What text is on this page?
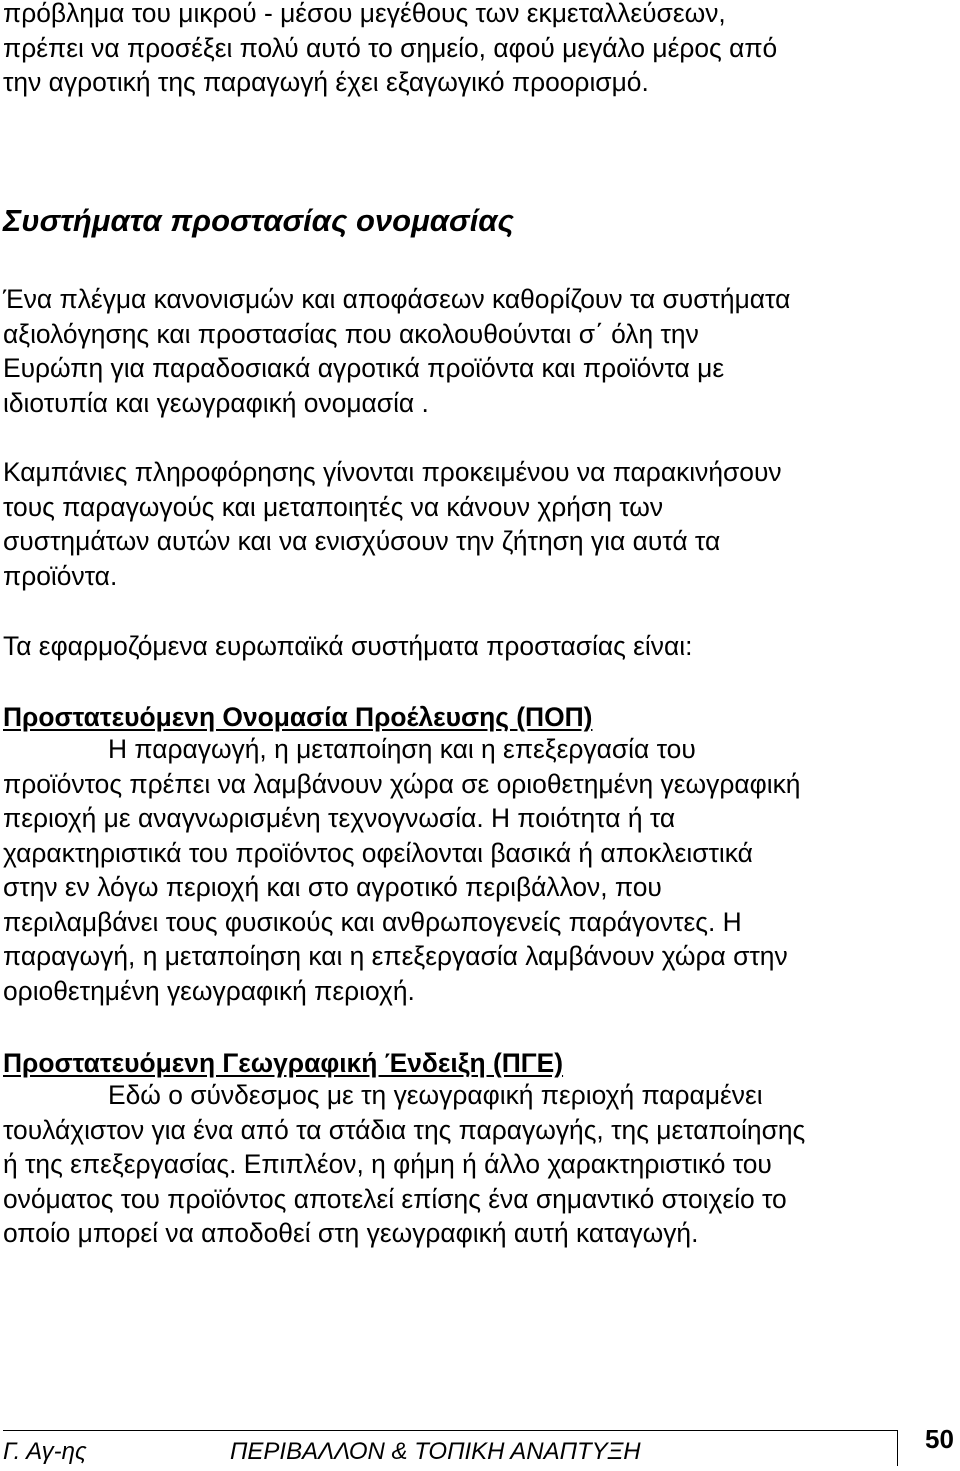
πρόβλημα του μικρού - μέσου μεγέθους των εκμεταλλεύσεων,
πρέπει να προσέξει πολύ αυτό το σημείο, αφού μεγάλο μέρος από
την αγροτική της παραγωγή έχει εξαγωγικό προορισμό.

Συστήματα προστασίας ονομασίας

Ένα πλέγμα κανονισμών και αποφάσεων καθορίζουν τα συστήματα
αξιολόγησης και προστασίας που ακολουθούνται σ΄ όλη την
Ευρώπη για παραδοσιακά αγροτικά προϊόντα και προϊόντα με
ιδιοτυπία και γεωγραφική ονομασία .

Καμπάνιες πληροφόρησης γίνονται προκειμένου να παρακινήσουν
τους παραγωγούς και μεταποιητές να κάνουν χρήση των
συστημάτων αυτών και να ενισχύσουν την ζήτηση για αυτά τα
προϊόντα.

Τα εφαρμοζόμενα ευρωπαϊκά συστήματα προστασίας είναι:

Προστατευόμενη Ονομασία Προέλευσης (ΠΟΠ)

Η παραγωγή, η μεταποίηση και η επεξεργασία του
προϊόντος πρέπει να λαμβάνουν χώρα σε οριοθετημένη γεωγραφική
περιοχή με αναγνωρισμένη τεχνογνωσία. Η ποιότητα ή τα
χαρακτηριστικά του προϊόντος οφείλονται βασικά ή αποκλειστικά
στην εν λόγω περιοχή και στο αγροτικό περιβάλλον, που
περιλαμβάνει τους φυσικούς και ανθρωπογενείς παράγοντες. Η
παραγωγή, η μεταποίηση και η επεξεργασία λαμβάνουν χώρα στην
οριοθετημένη γεωγραφική περιοχή.

Προστατευόμενη Γεωγραφική Ένδειξη (ΠΓΕ)

Εδώ ο σύνδεσμος με τη γεωγραφική περιοχή παραμένει
τουλάχιστον για ένα από τα στάδια της παραγωγής, της μεταποίησης
ή της επεξεργασίας. Επιπλέον, η φήμη ή άλλο χαρακτηριστικό του
ονόματος του προϊόντος αποτελεί επίσης ένα σημαντικό στοιχείο το
οποίο μπορεί να αποδοθεί στη γεωγραφική αυτή καταγωγή.

Γ. Αγ-ης	ΠΕΡΙΒΑΛΛΟΝ & ΤΟΠΙΚΗ ΑΝΑΠΤΥΞΗ	50
